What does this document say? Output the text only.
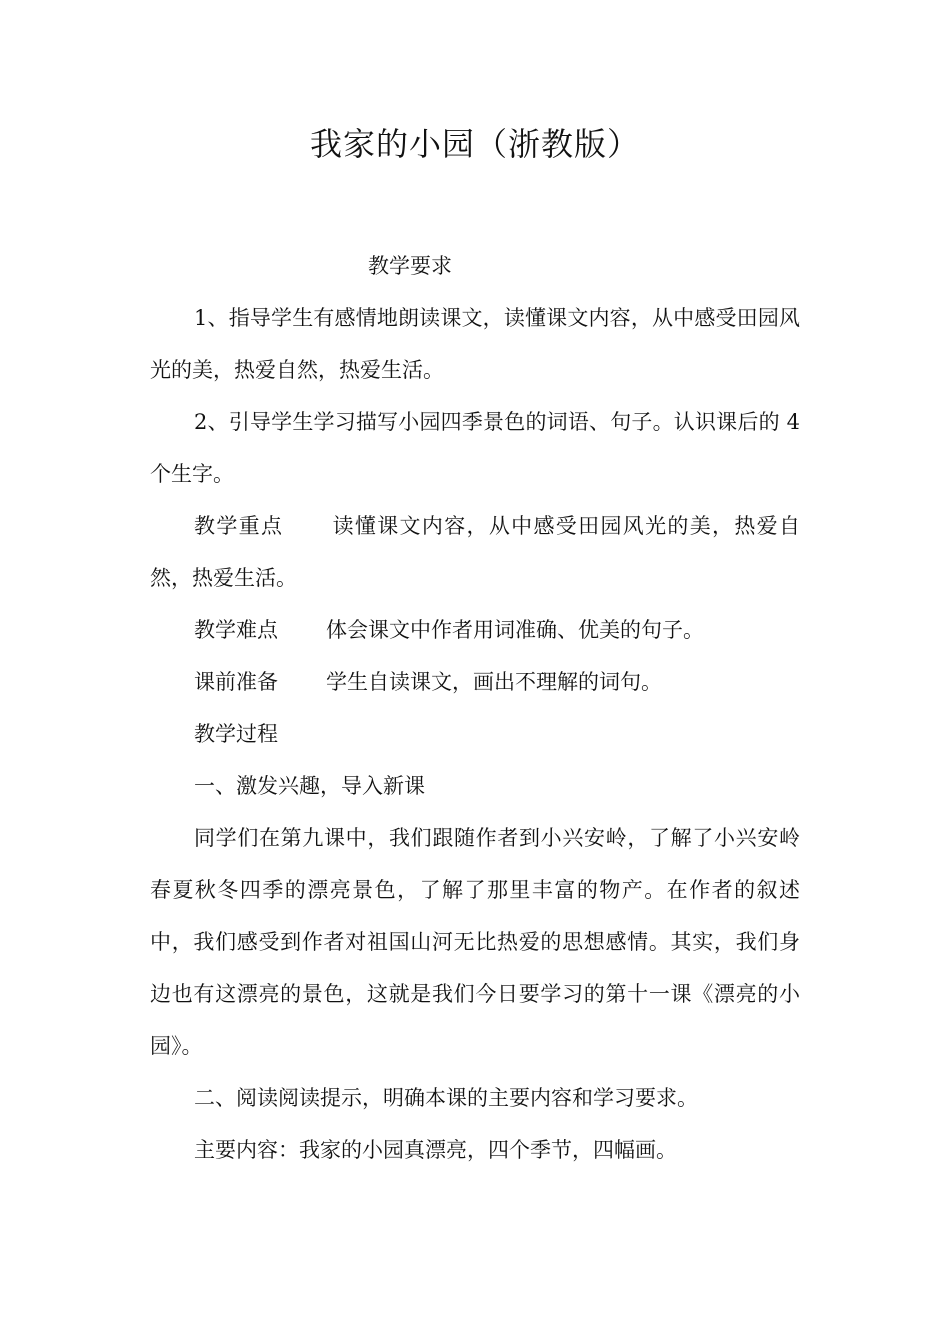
我家的小园（浙教版）

教学要求

1、指导学生有感情地朗读课文，读懂课文内容，从中感受田园风光的美，热爱自然，热爱生活。

2、引导学生学习描写小园四季景色的词语、句子。认识课后的 4 个生字。

教学重点 读懂课文内容，从中感受田园风光的美，热爱自然，热爱生活。

教学难点 体会课文中作者用词准确、优美的句子。

课前准备 学生自读课文，画出不理解的词句。

教学过程

一、激发兴趣，导入新课

同学们在第九课中，我们跟随作者到小兴安岭，了解了小兴安岭春夏秋冬四季的漂亮景色，了解了那里丰富的物产。在作者的叙述中，我们感受到作者对祖国山河无比热爱的思想感情。其实，我们身边也有这漂亮的景色，这就是我们今日要学习的第十一课《漂亮的小园》。

二、阅读阅读提示，明确本课的主要内容和学习要求。

主要内容：我家的小园真漂亮，四个季节，四幅画。
